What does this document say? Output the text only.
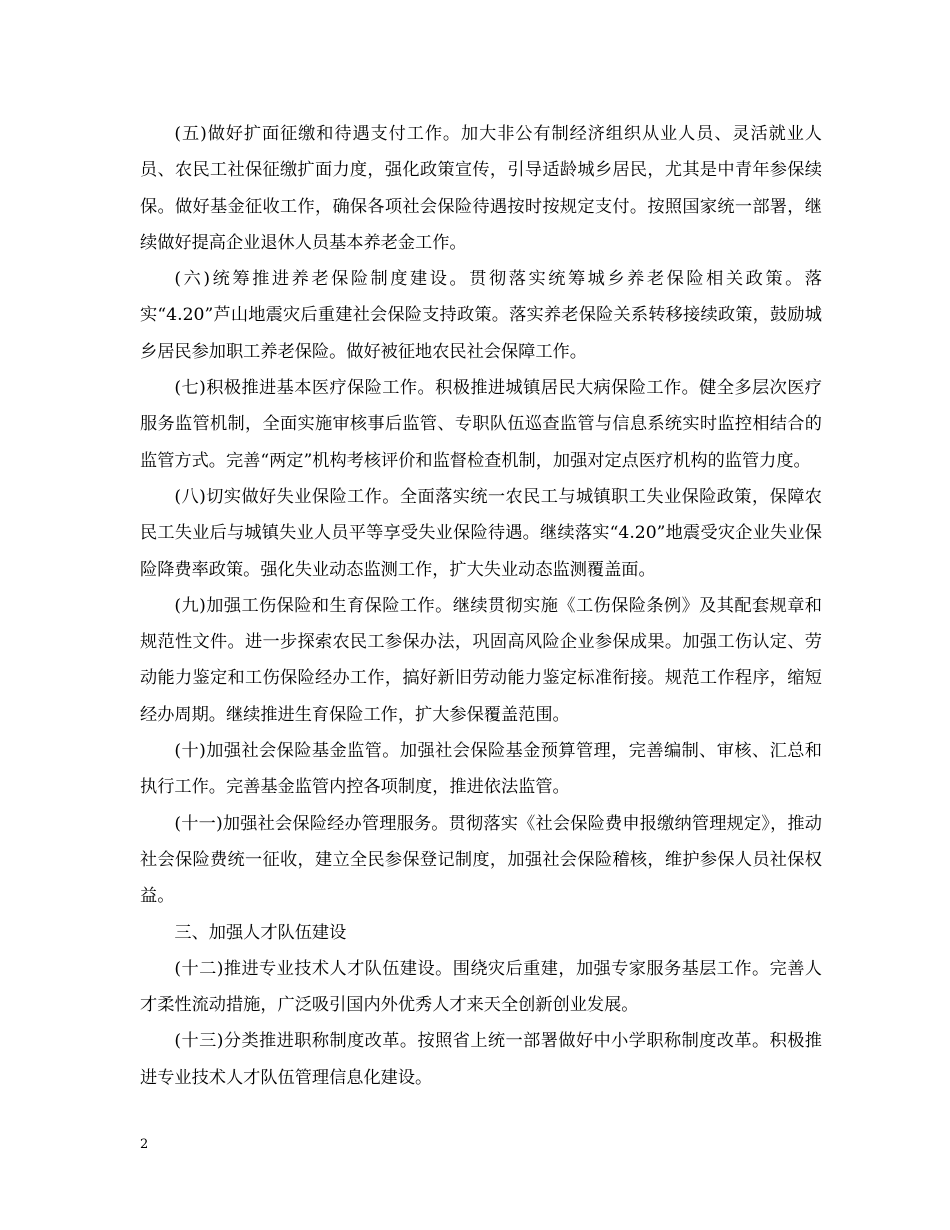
(五)做好扩面征缴和待遇支付工作。加大非公有制经济组织从业人员、灵活就业人员、农民工社保征缴扩面力度，强化政策宣传，引导适龄城乡居民，尤其是中青年参保续保。做好基金征收工作，确保各项社会保险待遇按时按规定支付。按照国家统一部署，继续做好提高企业退休人员基本养老金工作。

(六)统筹推进养老保险制度建设。贯彻落实统筹城乡养老保险相关政策。落实“4.20”芦山地震灾后重建社会保险支持政策。落实养老保险关系转移接续政策，鼓励城乡居民参加职工养老保险。做好被征地农民社会保障工作。

(七)积极推进基本医疗保险工作。积极推进城镇居民大病保险工作。健全多层次医疗服务监管机制，全面实施审核事后监管、专职队伍巡查监管与信息系统实时监控相结合的监管方式。完善“两定”机构考核评价和监督检查机制，加强对定点医疗机构的监管力度。

(八)切实做好失业保险工作。全面落实统一农民工与城镇职工失业保险政策，保障农民工失业后与城镇失业人员平等享受失业保险待遇。继续落实“4.20”地震受灾企业失业保险降费率政策。强化失业动态监测工作，扩大失业动态监测覆盖面。

(九)加强工伤保险和生育保险工作。继续贯彻实施《工伤保险条例》及其配套规章和规范性文件。进一步探索农民工参保办法，巩固高风险企业参保成果。加强工伤认定、劳动能力鉴定和工伤保险经办工作，搞好新旧劳动能力鉴定标准衔接。规范工作程序，缩短经办周期。继续推进生育保险工作，扩大参保覆盖范围。

(十)加强社会保险基金监管。加强社会保险基金预算管理，完善编制、审核、汇总和执行工作。完善基金监管内控各项制度，推进依法监管。

(十一)加强社会保险经办管理服务。贯彻落实《社会保险费申报缴纳管理规定》，推动社会保险费统一征收，建立全民参保登记制度，加强社会保险稽核，维护参保人员社保权益。

三、加强人才队伍建设

(十二)推进专业技术人才队伍建设。围绕灾后重建，加强专家服务基层工作。完善人才柔性流动措施，广泛吸引国内外优秀人才来天全创新创业发展。

(十三)分类推进职称制度改革。按照省上统一部署做好中小学职称制度改革。积极推进专业技术人才队伍管理信息化建设。

2
